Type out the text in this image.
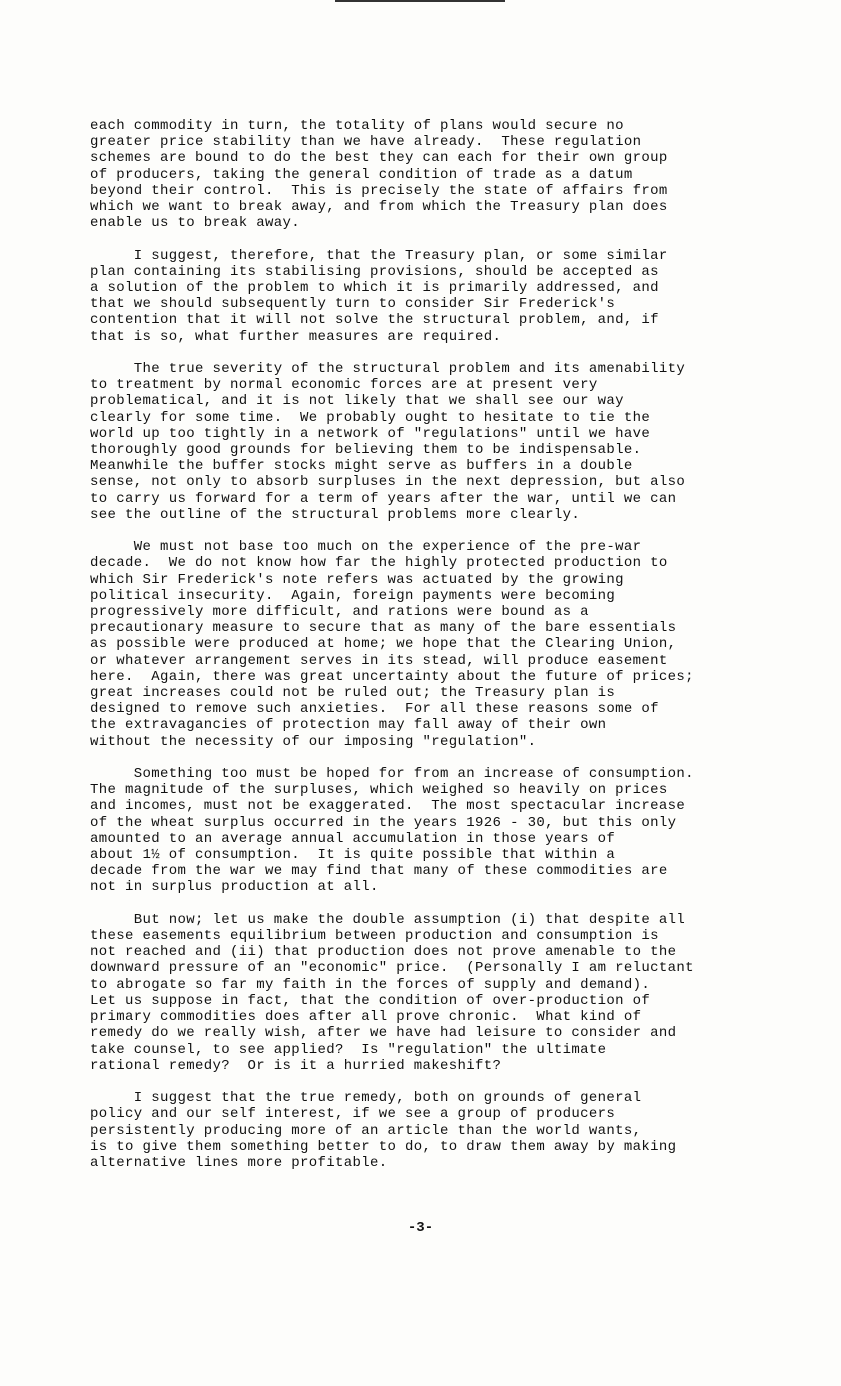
each commodity in turn, the totality of plans would secure no
greater price stability than we have already.  These regulation
schemes are bound to do the best they can each for their own group
of producers, taking the general condition of trade as a datum
beyond their control.  This is precisely the state of affairs from
which we want to break away, and from which the Treasury plan does
enable us to break away.
I suggest, therefore, that the Treasury plan, or some similar
plan containing its stabilising provisions, should be accepted as
a solution of the problem to which it is primarily addressed, and
that we should subsequently turn to consider Sir Frederick's
contention that it will not solve the structural problem, and, if
that is so, what further measures are required.
The true severity of the structural problem and its amenability
to treatment by normal economic forces are at present very
problematical, and it is not likely that we shall see our way
clearly for some time.  We probably ought to hesitate to tie the
world up too tightly in a network of "regulations" until we have
thoroughly good grounds for believing them to be indispensable.
Meanwhile the buffer stocks might serve as buffers in a double
sense, not only to absorb surpluses in the next depression, but also
to carry us forward for a term of years after the war, until we can
see the outline of the structural problems more clearly.
We must not base too much on the experience of the pre-war
decade.  We do not know how far the highly protected production to
which Sir Frederick's note refers was actuated by the growing
political insecurity.  Again, foreign payments were becoming
progressively more difficult, and rations were bound as a
precautionary measure to secure that as many of the bare essentials
as possible were produced at home; we hope that the Clearing Union,
or whatever arrangement serves in its stead, will produce easement
here.  Again, there was great uncertainty about the future of prices;
great increases could not be ruled out; the Treasury plan is
designed to remove such anxieties.  For all these reasons some of
the extravagancies of protection may fall away of their own
without the necessity of our imposing "regulation".
Something too must be hoped for from an increase of consumption.
The magnitude of the surpluses, which weighed so heavily on prices
and incomes, must not be exaggerated.  The most spectacular increase
of the wheat surplus occurred in the years 1926 - 30, but this only
amounted to an average annual accumulation in those years of
about 1½ of consumption.  It is quite possible that within a
decade from the war we may find that many of these commodities are
not in surplus production at all.
But now; let us make the double assumption (i) that despite all
these easements equilibrium between production and consumption is
not reached and (ii) that production does not prove amenable to the
downward pressure of an "economic" price.  (Personally I am reluctant
to abrogate so far my faith in the forces of supply and demand).
Let us suppose in fact, that the condition of over-production of
primary commodities does after all prove chronic.  What kind of
remedy do we really wish, after we have had leisure to consider and
take counsel, to see applied?  Is "regulation" the ultimate
rational remedy?  Or is it a hurried makeshift?
I suggest that the true remedy, both on grounds of general
policy and our self interest, if we see a group of producers
persistently producing more of an article than the world wants,
is to give them something better to do, to draw them away by making
alternative lines more profitable.
-3-
